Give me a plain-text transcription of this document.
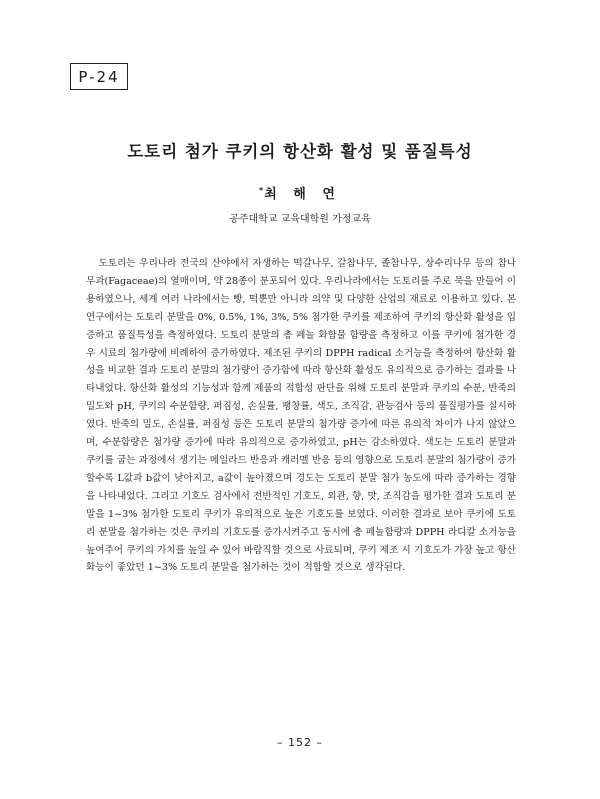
P-24
도토리 첨가 쿠키의 항산화 활성 및 품질특성
*최 해 연
공주대학교 교육대학원 가정교육

도토리는 우리나라 전국의 산야에서 자생하는 떡갈나무, 갈참나무, 졸참나무, 상수리나무 등의 참나무과(Fagaceae)의 열매이며, 약 28종이 분포되어 있다. 우리나라에서는 도토리를 주로 묵을 만들어 이용하였으나, 세계 여러 나라에서는 빵, 떡뿐만 아니라 의약 및 다양한 산업의 재료로 이용하고 있다. 본 연구에서는 도토리 분말을 0%, 0.5%, 1%, 3%, 5% 첨가한 쿠키를 제조하여 쿠키의 항산화 활성을 입증하고 품질특성을 측정하였다. 도토리 분말의 총 페놀 화합물 함량을 측정하고 이를 쿠키에 첨가한 경우 시료의 첨가량에 비례하여 증가하였다. 제조된 쿠키의 DPPH radical 소거능을 측정하여 항산화 활성을 비교한 결과 도토리 분말의 첨가량이 증가함에 따라 항산화 활성도 유의적으로 증가하는 결과를 나타내었다. 항산화 활성의 기능성과 함께 제품의 적합성 판단을 위해 도토리 분말과 쿠키의 수분, 반죽의 밀도와 pH, 쿠키의 수분함량, 퍼짐성, 손실률, 팽창률, 색도, 조직감, 관능검사 등의 품질평가를 실시하였다. 반죽의 밀도, 손실률, 퍼짐성 등은 도토리 분말의 첨가량 증가에 따른 유의적 차이가 나지 않았으며, 수분함량은 첨가량 증가에 따라 유의적으로 증가하였고, pH는 감소하였다. 색도는 도토리 분말과 쿠키를 굽는 과정에서 생기는 메일라드 반응과 캐러멜 반응 등의 영향으로 도토리 분말의 첨가량이 증가할수록 L값과 b값이 낮아지고, a값이 높아졌으며 경도는 도토리 분말 첨가 농도에 따라 증가하는 경향을 나타내었다. 그리고 기호도 검사에서 전반적인 기호도, 외관, 향, 맛, 조직감을 평가한 결과 도토리 분말을 1~3% 첨가한 도토리 쿠키가 유의적으로 높은 기호도를 보였다. 이러한 결과로 보아 쿠키에 도토리 분말을 첨가하는 것은 쿠키의 기호도를 증가시켜주고 동시에 총 페놀함량과 DPPH 라디칼 소거능을 높여주어 쿠키의 가치를 높일 수 있어 바람직할 것으로 사료되며, 쿠키 제조 시 기호도가 가장 높고 항산화능이 좋았던 1~3% 도토리 분말을 첨가하는 것이 적합할 것으로 생각된다.

– 152 –
